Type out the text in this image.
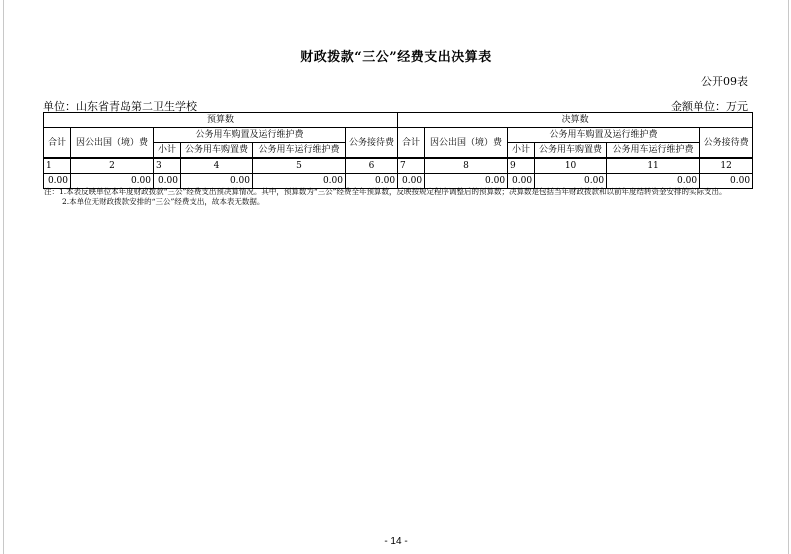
财政拨款“三公”经费支出决算表
公开09表
单位：山东省青岛第二卫生学校	金额单位：万元
预算数						决算数					
合计	因公出国（境）费	公务用车购置及运行维护费			公务接待费	合计	因公出国（境）费	公务用车购置及运行维护费			公务接待费
		小计	公务用车购置费	公务用车运行维护费				小计	公务用车购置费	公务用车运行维护费	
1	2	3	4	5	6	7	8	9	10	11	12
0.00	0.00	0.00	0.00	0.00	0.00	0.00	0.00	0.00	0.00	0.00	0.00
注：1.本表反映单位本年度财政拨款“三公”经费支出预决算情况。其中，预算数为“三公”经费全年预算数，反映按规定程序调整后的预算数；决算数是包括当年财政拨款和以前年度结转资金安排的实际支出。
2.本单位无财政拨款安排的“三公”经费支出，故本表无数据。
- 14 -
